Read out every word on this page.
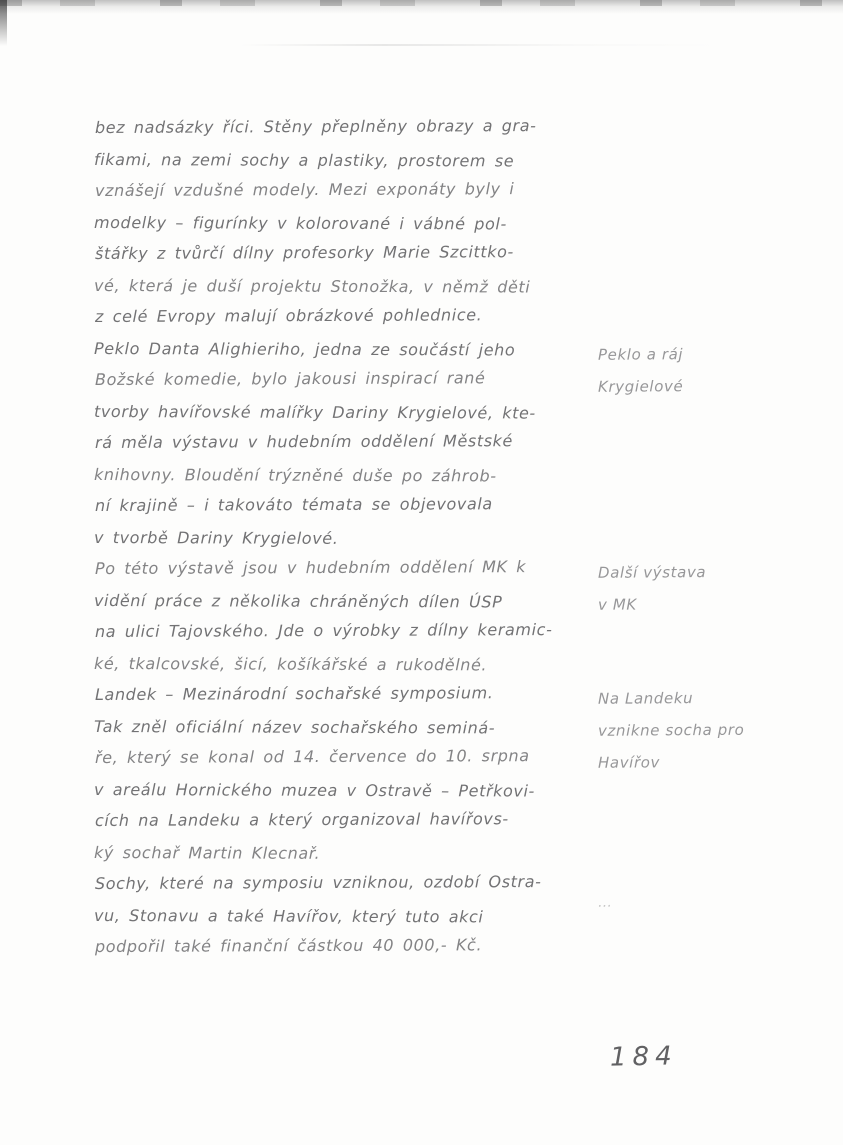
bez nadsázky říci. Stěny přeplněny obrazy a gra-
fikami, na zemi sochy a plastiky, prostorem se
vznášejí vzdušné modely. Mezi exponáty byly i
modelky – figurínky v kolorované i vábné pol-
štářky z tvůrčí dílny profesorky Marie Szcittko-
vé, která je duší projektu Stonožka, v němž děti
z celé Evropy malují obrázkové pohlednice.
Peklo Danta Alighieriho, jedna ze součástí jeho
Božské komedie, bylo jakousi inspirací rané
tvorby havířovské malířky Dariny Krygielové, kte-
rá měla výstavu v hudebním oddělení Městské
knihovny. Bloudění trýzněné duše po záhrob-
ní krajině – i takováto témata se objevovala
v tvorbě Dariny Krygielové.
Po této výstavě jsou v hudebním oddělení MK k
vidění práce z několika chráněných dílen ÚSP
na ulici Tajovského. Jde o výrobky z dílny keramic-
ké, tkalcovské, šicí, košíkářské a rukodělné.
Landek – Mezinárodní sochařské symposium.
Tak zněl oficiální název sochařského seminá-
ře, který se konal od 14. července do 10. srpna
v areálu Hornického muzea v Ostravě – Petřkovi-
cích na Landeku a který organizoval havířovs-
ký sochař Martin Klecnař.
Sochy, které na symposiu vzniknou, ozdobí Ostra-
vu, Stonavu a také Havířov, který tuto akci
podpořil také finanční částkou 40 000,- Kč.
Peklo a ráj
Krygielové
Další výstava
v MK
Na Landeku
vznikne socha pro
Havířov
…
184
